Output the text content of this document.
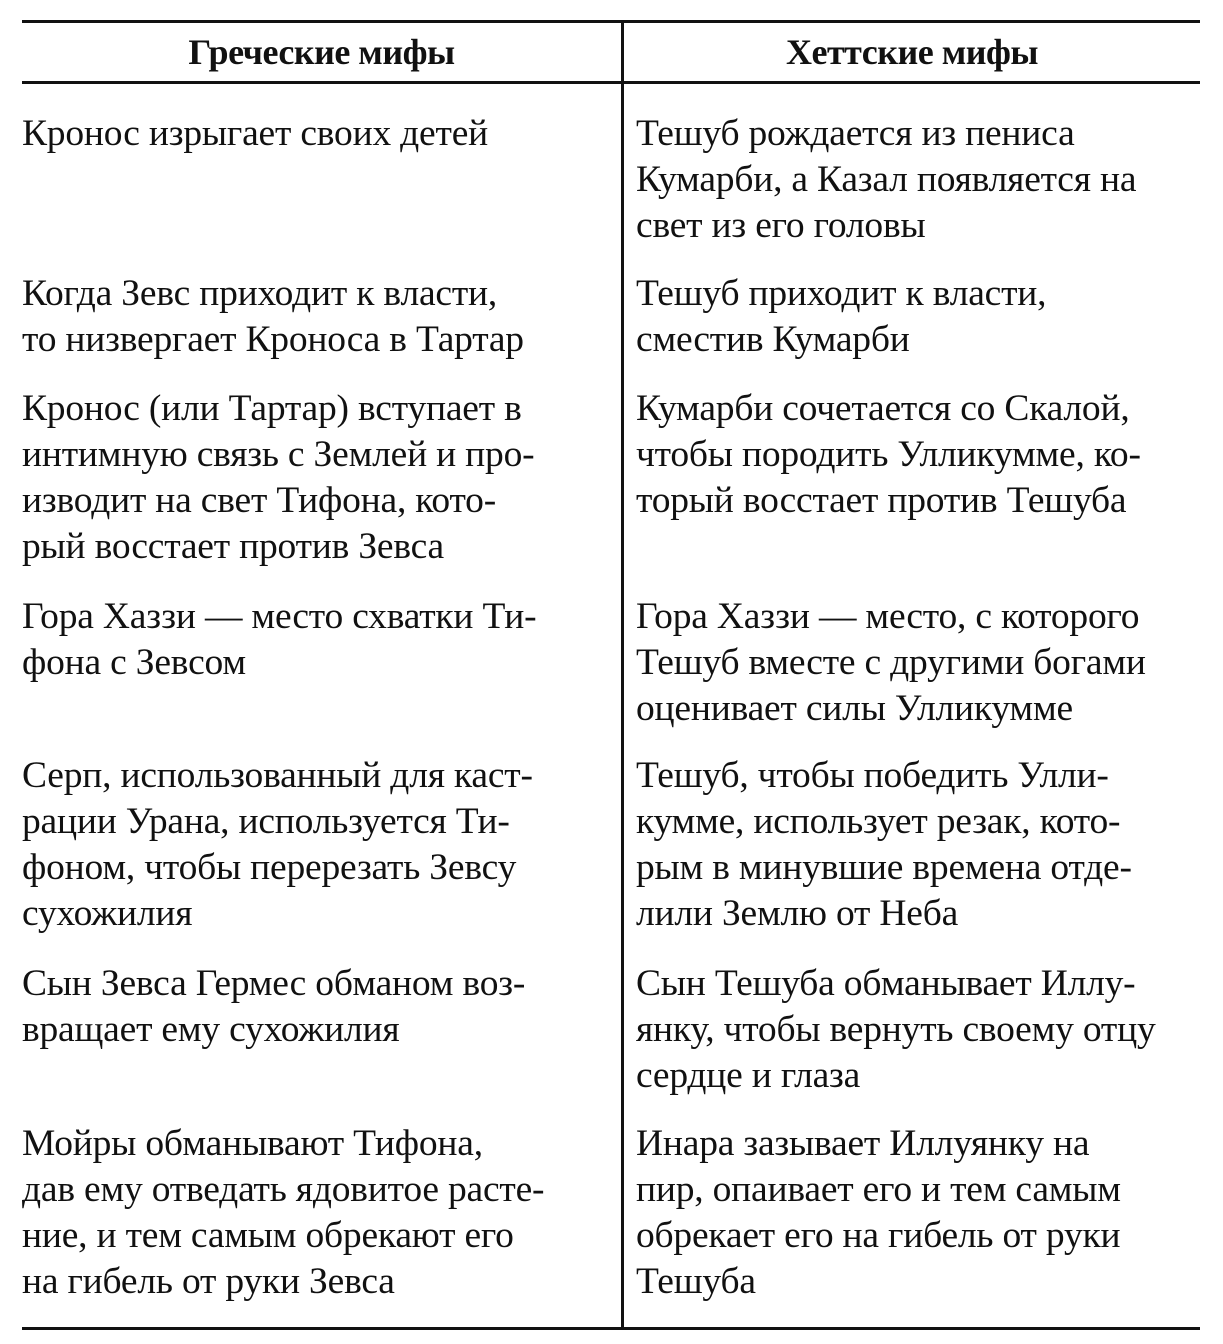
Греческие мифы	Хеттские мифы
Кронос изрыгает своих детей	Тешуб рождается из пениса
Кумарби, а Казал появляется на
свет из его головы
Когда Зевс приходит к власти,
то низвергает Кроноса в Тартар
Тешуб приходит к власти,
сместив Кумарби
Кронос (или Тартар) вступает в
интимную связь с Землей и про-
изводит на свет Тифона, кото-
рый восстает против Зевса
Кумарби сочетается со Скалой,
чтобы породить Улликумме, ко-
торый восстает против Тешуба
Гора Хаззи — место схватки Ти-
фона с Зевсом
Гора Хаззи — место, с которого
Тешуб вместе с другими богами
оценивает силы Улликумме
Серп, использованный для каст-
рации Урана, используется Ти-
фоном, чтобы перерезать Зевсу
сухожилия
Тешуб, чтобы победить Улли-
кумме, использует резак, кото-
рым в минувшие времена отде-
лили Землю от Неба
Сын Зевса Гермес обманом воз-
вращает ему сухожилия
Сын Тешуба обманывает Иллу-
янку, чтобы вернуть своему отцу
сердце и глаза
Мойры обманывают Тифона,
дав ему отведать ядовитое расте-
ние, и тем самым обрекают его
на гибель от руки Зевса
Инара зазывает Иллуянку на
пир, опаивает его и тем самым
обрекает его на гибель от руки
Тешуба
